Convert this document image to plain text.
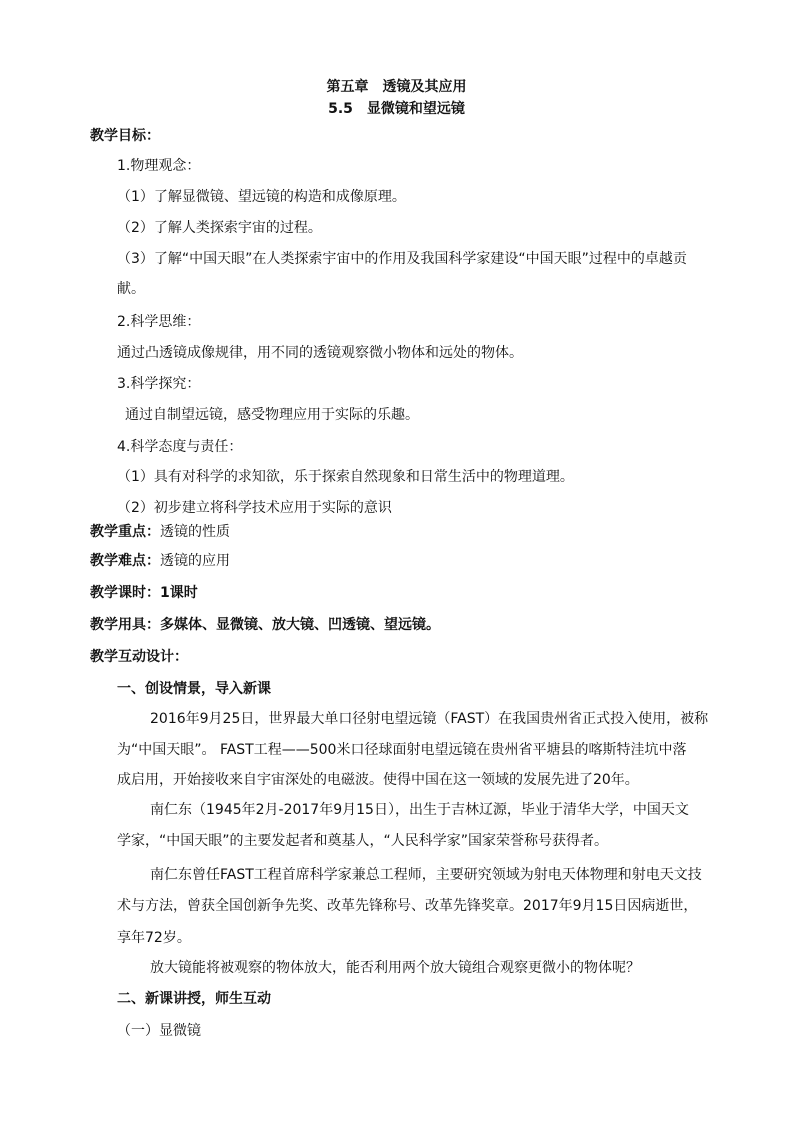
第五章　透镜及其应用
5.5　显微镜和望远镜
教学目标：
1.物理观念：
（1）了解显微镜、望远镜的构造和成像原理。
（2）了解人类探索宇宙的过程。
（3）了解“中国天眼”在人类探索宇宙中的作用及我国科学家建设“中国天眼”过程中的卓越贡
献。
2.科学思维：
通过凸透镜成像规律，用不同的透镜观察微小物体和远处的物体。
3.科学探究：
通过自制望远镜，感受物理应用于实际的乐趣。
4.科学态度与责任：
（1）具有对科学的求知欲，乐于探索自然现象和日常生活中的物理道理。
（2）初步建立将科学技术应用于实际的意识
教学重点：透镜的性质
教学难点：透镜的应用
教学课时：1课时
教学用具：多媒体、显微镜、放大镜、凹透镜、望远镜。
教学互动设计：
一、创设情景，导入新课
2016年9月25日，世界最大单口径射电望远镜（FAST）在我国贵州省正式投入使用，被称
为“中国天眼”。 FAST工程——500米口径球面射电望远镜在贵州省平塘县的喀斯特洼坑中落
成启用，开始接收来自宇宙深处的电磁波。使得中国在这一领域的发展先进了20年。
南仁东（1945年2月-2017年9月15日），出生于吉林辽源，毕业于清华大学，中国天文
学家，“中国天眼”的主要发起者和奠基人，“人民科学家”国家荣誉称号获得者。
南仁东曾任FAST工程首席科学家兼总工程师，主要研究领域为射电天体物理和射电天文技
术与方法，曾获全国创新争先奖、改革先锋称号、改革先锋奖章。2017年9月15日因病逝世，
享年72岁。
放大镜能将被观察的物体放大，能否利用两个放大镜组合观察更微小的物体呢？
二、新课讲授，师生互动
（一）显微镜
